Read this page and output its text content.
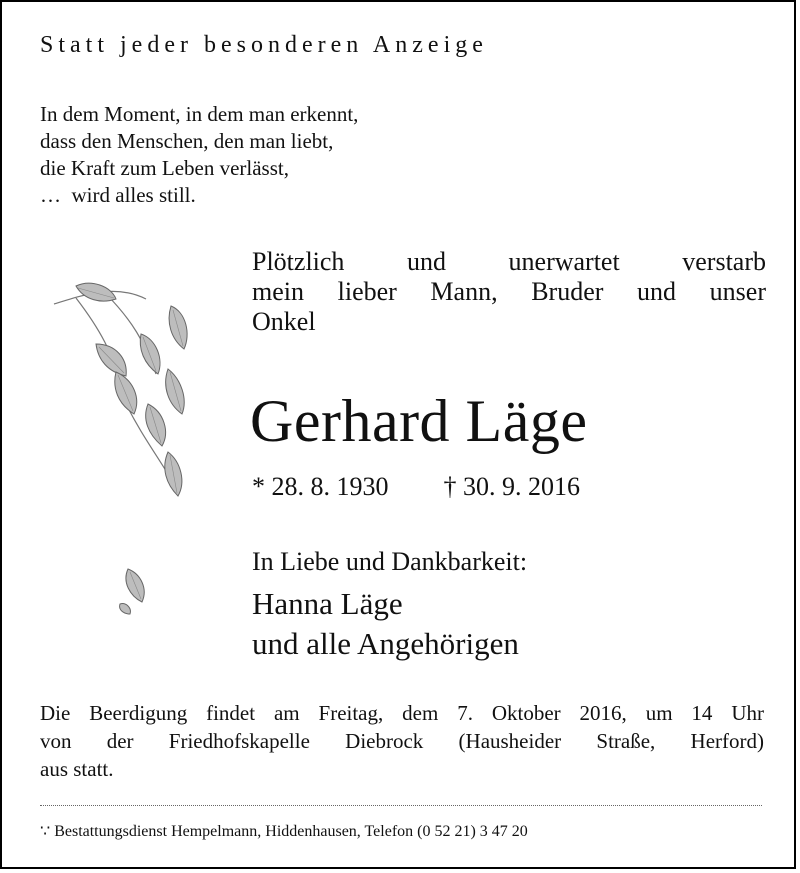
Statt jeder besonderen Anzeige
In dem Moment, in dem man erkennt,
dass den Menschen, den man liebt,
die Kraft zum Leben verlässt,
…  wird alles still.
Plötzlich und unerwartet verstarb
mein lieber Mann, Bruder und unser
Onkel
Gerhard Läge
* 28. 8. 1930 † 30. 9. 2016
In Liebe und Dankbarkeit:
Hanna Läge
und alle Angehörigen
Die Beerdigung findet am Freitag, dem 7. Oktober 2016, um 14 Uhr
von der Friedhofskapelle Diebrock (Hausheider Straße, Herford)
aus statt.
∵ Bestattungsdienst Hempelmann, Hiddenhausen, Telefon (0 52 21) 3 47 20
